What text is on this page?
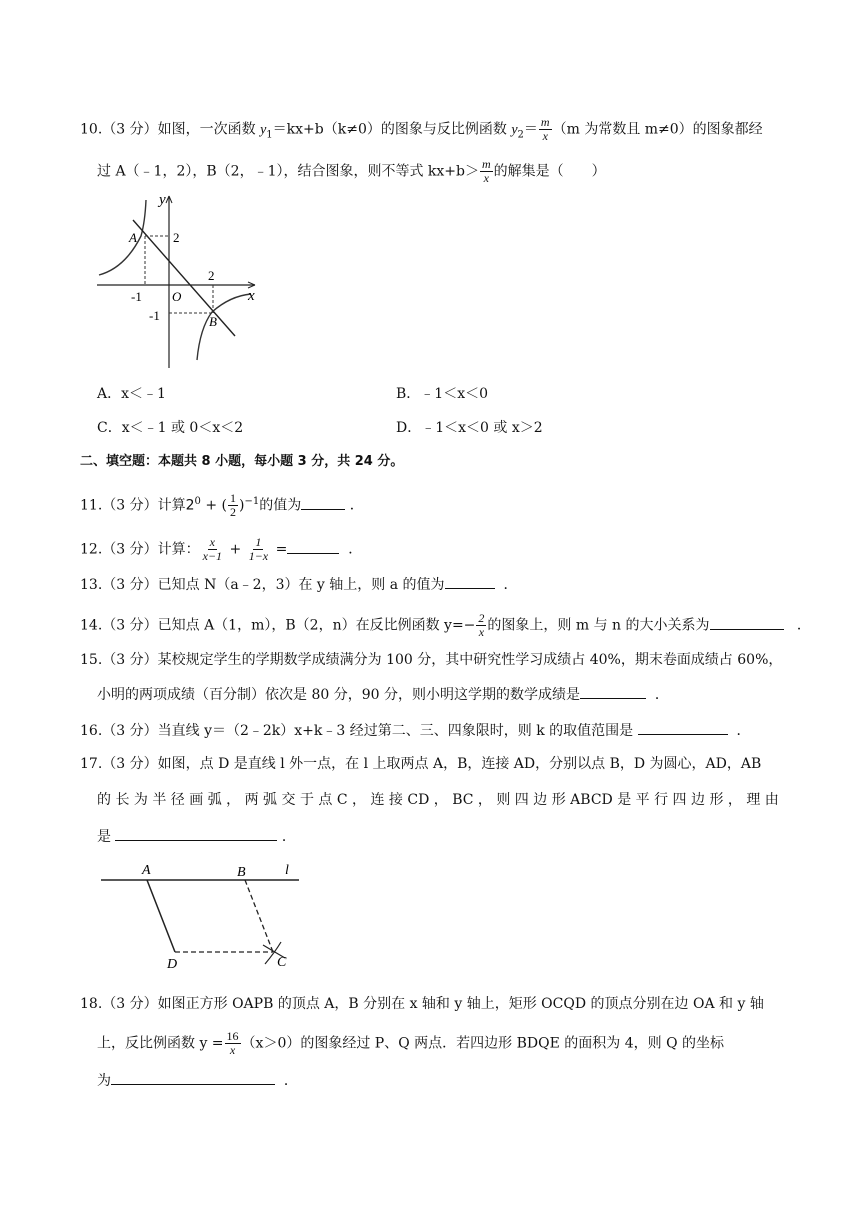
10.（3 分）如图，一次函数 $y_1=kx+b(k\ne 0)$的图象与反比例函数 $y_2= \frac{m}{x} (m$ 为常数且 m≠0）的图象都经
过 A（﹣1，2），B（2，﹣1），结合图象，则不等式 $kx+b> \frac{m}{x}$ 的解集是（　　）
y
x
A
B
O
2
2
-1
-1
A．x＜﹣1	B．﹣1＜x＜0
C．x＜﹣1 或 0＜x＜2	D．﹣1＜x＜0 或 x＞2
二、填空题：本题共 8 小题，每小题 3 分，共 24 分。
11.（3 分）计算$2^0$ + ( $\frac{1}{2} )^{-1}$的值为	．
12.（3 分）计算： $\frac{x}{x-1} + \frac{1}{1-x}$ =	．
13.（3 分）已知点 N（a﹣2，3）在 y 轴上，则 a 的值为	．
14.（3 分）已知点 A（1，m），B（2，n）在反比例函数 $y=- \frac{2}{x}$ 的图象上，则 m 与 n 的大小关系为	．
15.（3 分）某校规定学生的学期数学成绩满分为 100 分，其中研究性学习成绩占 40%，期末卷面成绩占 60%，
小明的两项成绩（百分制）依次是 80 分，90 分，则小明这学期的数学成绩是	．
16.（3 分）当直线 y＝（2﹣2k）x+k﹣3 经过第二、三、四象限时，则 k 的取值范围是	．
17.（3 分）如图，点 D 是直线 l 外一点，在 l 上取两点 A，B，连接 AD，分别以点 B，D 为圆心，AD，AB
的 长 为 半 径 画 弧 ， 两 弧 交 于 点 C ， 连 接 CD ， BC ， 则 四 边 形 ABCD 是 平 行 四 边 形 ， 理 由
是	．
A	B	l
D	C
18.（3 分）如图正方形 OAPB 的顶点 A，B 分别在 x 轴和 y 轴上，矩形 OCQD 的顶点分别在边 OA 和 y 轴
上，反比例函数 $y = \frac{16}{x} (x>0)$的图象经过 P、Q 两点．若四边形 BDQE 的面积为 4，则 Q 的坐标
为	．
